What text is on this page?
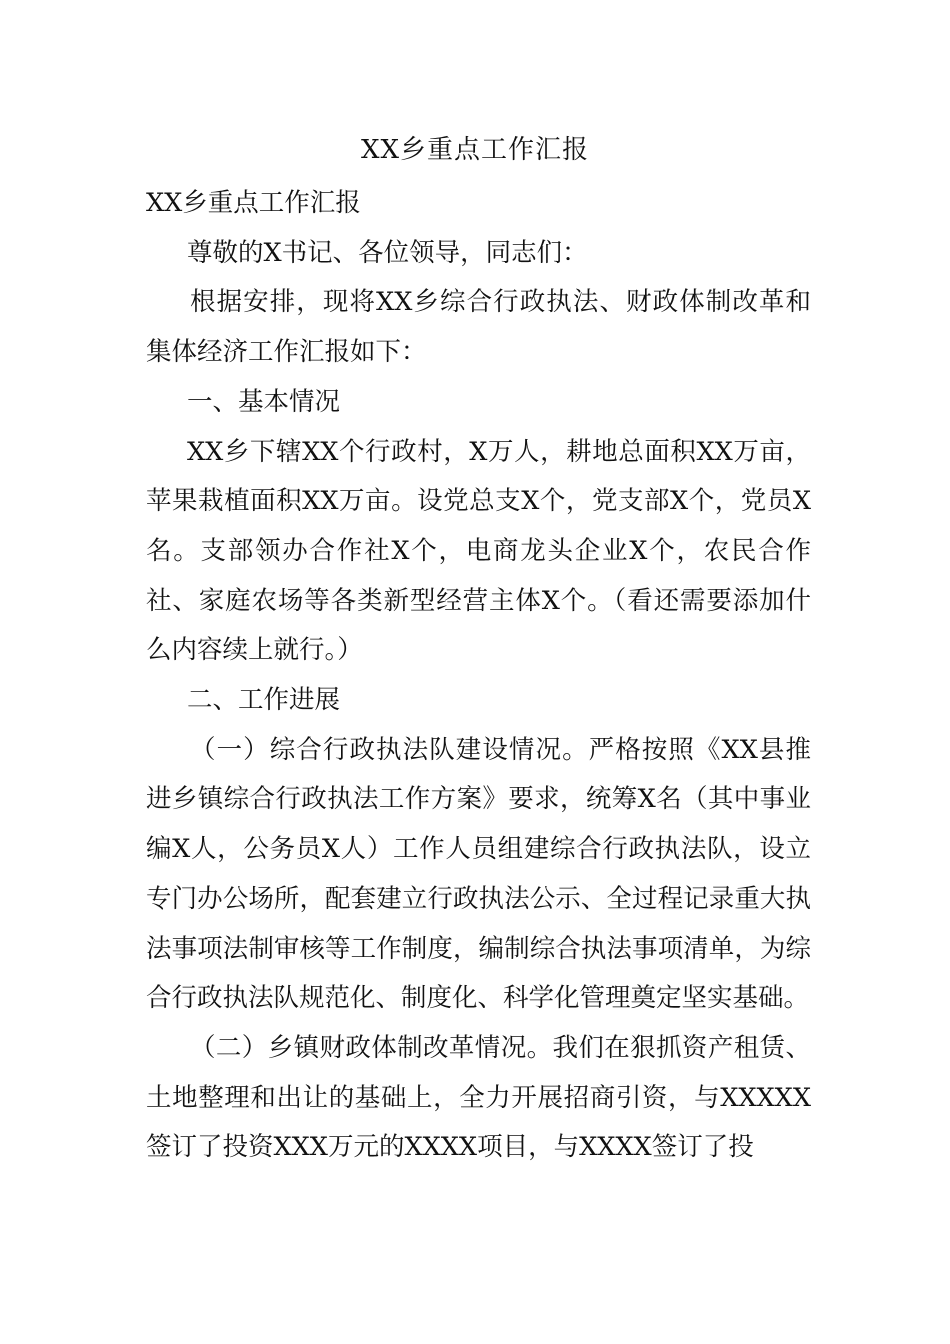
XX乡重点工作汇报

XX乡重点工作汇报

尊敬的X书记、各位领导，同志们：

根据安排，现将XX乡综合行政执法、财政体制改革和集体经济工作汇报如下：

一、基本情况

XX乡下辖XX个行政村，X万人，耕地总面积XX万亩，苹果栽植面积XX万亩。设党总支X个，党支部X个，党员X名。支部领办合作社X个，电商龙头企业X个，农民合作社、家庭农场等各类新型经营主体X个。（看还需要添加什么内容续上就行。）

二、工作进展

（一）综合行政执法队建设情况。严格按照《XX县推进乡镇综合行政执法工作方案》要求，统筹X名（其中事业编X人，公务员X人）工作人员组建综合行政执法队，设立专门办公场所，配套建立行政执法公示、全过程记录重大执法事项法制审核等工作制度，编制综合执法事项清单，为综合行政执法队规范化、制度化、科学化管理奠定坚实基础。

（二）乡镇财政体制改革情况。我们在狠抓资产租赁、土地整理和出让的基础上，全力开展招商引资，与XXXXX签订了投资XXX万元的XXXX项目，与XXXX签订了投
